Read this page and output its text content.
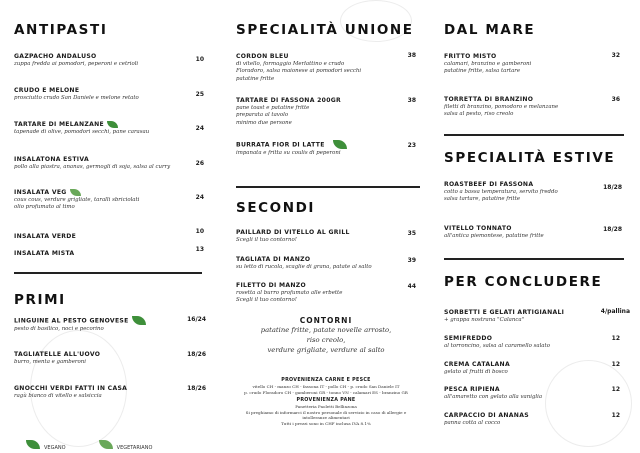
ANTIPASTI
GAZPACHO ANDALUSO
zuppa fredda ai pomodori, peperoni e cetrioli
10
CRUDO E MELONE
prosciutto crudo San Daniele e melone retato	25
TARTARE DI MELANZANE
tapenade di olive, pomodori secchi, pane carasau	24
INSALATONA ESTIVA
pollo alla piastra, ananas, germogli di soja, salsa al curry	26
INSALATA VEG
cous cous, verdure grigliate, taralli sbriciolati
olio profumato al timo
24
INSALATA VERDE
10
INSALATA MISTA
13
PRIMI
LINGUINE AL PESTO GENOVESE
pesto di basilico, noci e pecorino
16/24
TAGLIATELLE ALL'UOVO
burro, menta e gamberoni
18/26
GNOCCHI VERDI FATTI IN CASA
ragù bianco di vitello e salsiccia
18/26
VEGANO	VEGETARIANO
SPECIALITÀ UNIONE
CORDON BLEU
di vitello, formaggio Merlattino e crudo
Floradoro, salsa maionese ai pomodori secchi
patatine fritte
38
TARTARE DI FASSONA 200GR
pane toast e patatine fritte
preparata al tavolo
minimo due persone
38
BURRATA FIOR DI LATTE
impanata e fritta su coulis di peperoni
23
SECONDI
PAILLARD DI VITELLO AL GRILL
Scegli il tuo contorno!
35
TAGLIATA DI MANZO
su letto di rucola, scaglie di grana, patate al salto
39
FILETTO DI MANZO
rosetta al burro profumato alle erbette
Scegli il tuo contorno!
44
CONTORNI
patatine fritte, patate novelle arrosto,
riso creolo,
verdure grigliate, verdure al salto
PROVENIENZA CARNE E PESCE
vitello CH - manzo CH - fassona IT - pollo CH - p. crudo San Daniele IT
p. crudo Floradoro CH - gamberoni GR - tonno VN - calamari ES - branzino GR
PROVENIENZA PANE
Panetteria Paoletti Bellinzona
Si preghiamo di informarci il nostro personale di servizio in caso di allergie e
intolleranze alimentari
Tutti i prezzi sono in CHF inclusa IVA 8.1%
DAL MARE
FRITTO MISTO
calamari, branzino e gamberoni
patatine fritte, salsa tartare
32
TORRETTA DI BRANZINO
filetti di branzino, pomodoro e melanzane
salsa al pesto, riso creolo
36
SPECIALITÀ ESTIVE
ROASTBEEF DI FASSONA
cotto a bassa temperatura, servito freddo
salsa tartare, patatine fritte
18/28
VITELLO TONNATO
all'antica piemontese, patatine fritte
18/28
PER CONCLUDERE
SORBETTI E GELATI ARTIGIANALI
+ grappa nostrana "Calanca"
4/pallina
SEMIFREDDO
al torroncino, salsa al caramello salato
12
CREMA CATALANA
gelato al frutti di bosco
12
PESCA RIPIENA
all'amaretto con gelato alla vaniglia
12
CARPACCIO DI ANANAS
panna cotta al cocco
12
